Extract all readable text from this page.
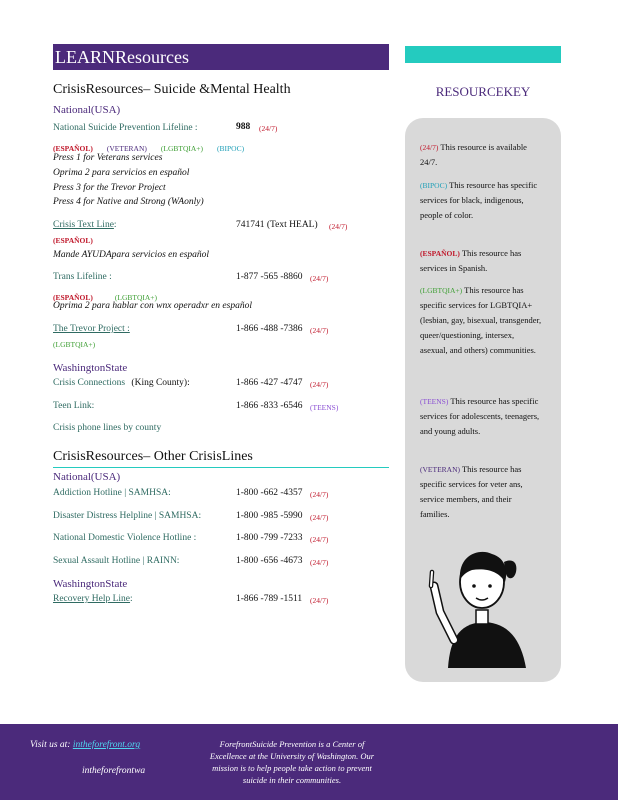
LEARNResources
RESOURCEKEY
(24/7) This resource is available 24/7.
(BIPOC) This resource has specific services for black, indigenous, people of color.
(ESPAÑOL) This resource has services in Spanish.
(LGBTQIA+) This resource has specific services for LGBTQIA+(lesbian, gay, bisexual, transgender, queer/questioning, intersex, asexual, and others) communities.
(TEENS) This resource has specific services for adolescents, teenagers, and young adults.
(VETERAN) This resource has specific services for veter ans, service members, and their families.
CrisisResources– Suicide &Mental Health
National(USA)
National Suicide Prevention Lifeline :	988 (24/7)
(ESPAÑOL) (VETERAN) (LGBTQIA+) (BIPOC)
Press 1 for Veterans services
Oprima 2 para servicios en español
Press 3 for the Trevor Project
Press 4 for Native and Strong (WAonly)
Crisis Text Line:	741741 (Text HEAL) (24/7)
(ESPAÑOL)
Mande AYUDApara servicios en español
Trans Lifeline :	1-877 -565 -8860 (24/7)
(ESPAÑOL)	(LGBTQIA+)
Oprima 2 para hablar con wnx operadxr en español
The Trevor Project :	1-866 -488 -7386 (24/7)
(LGBTQIA+)
WashingtonState
Crisis Connections (King County):	1-866 -427 -4747 (24/7)
Teen Link:	1-866 -833 -6546 (TEENS)
Crisis phone lines by county
CrisisResources– Other CrisisLines
National(USA)
Addiction Hotline | SAMHSA:	1-800 -662 -4357 (24/7)
Disaster Distress Helpline | SAMHSA:	1-800 -985 -5990 (24/7)
National Domestic Violence Hotline :	1-800 -799 -7233 (24/7)
Sexual Assault Hotline | RAINN:	1-800 -656 -4673 (24/7)
WashingtonState
Recovery Help Line:	1-866 -789 -1511 (24/7)
Visit us at: intheforefront.org
intheforefrontwa
ForefrontSuicide Prevention is a Center of Excellence at the University of Washington. Our mission is to help people take action to prevent suicide in their communities.
